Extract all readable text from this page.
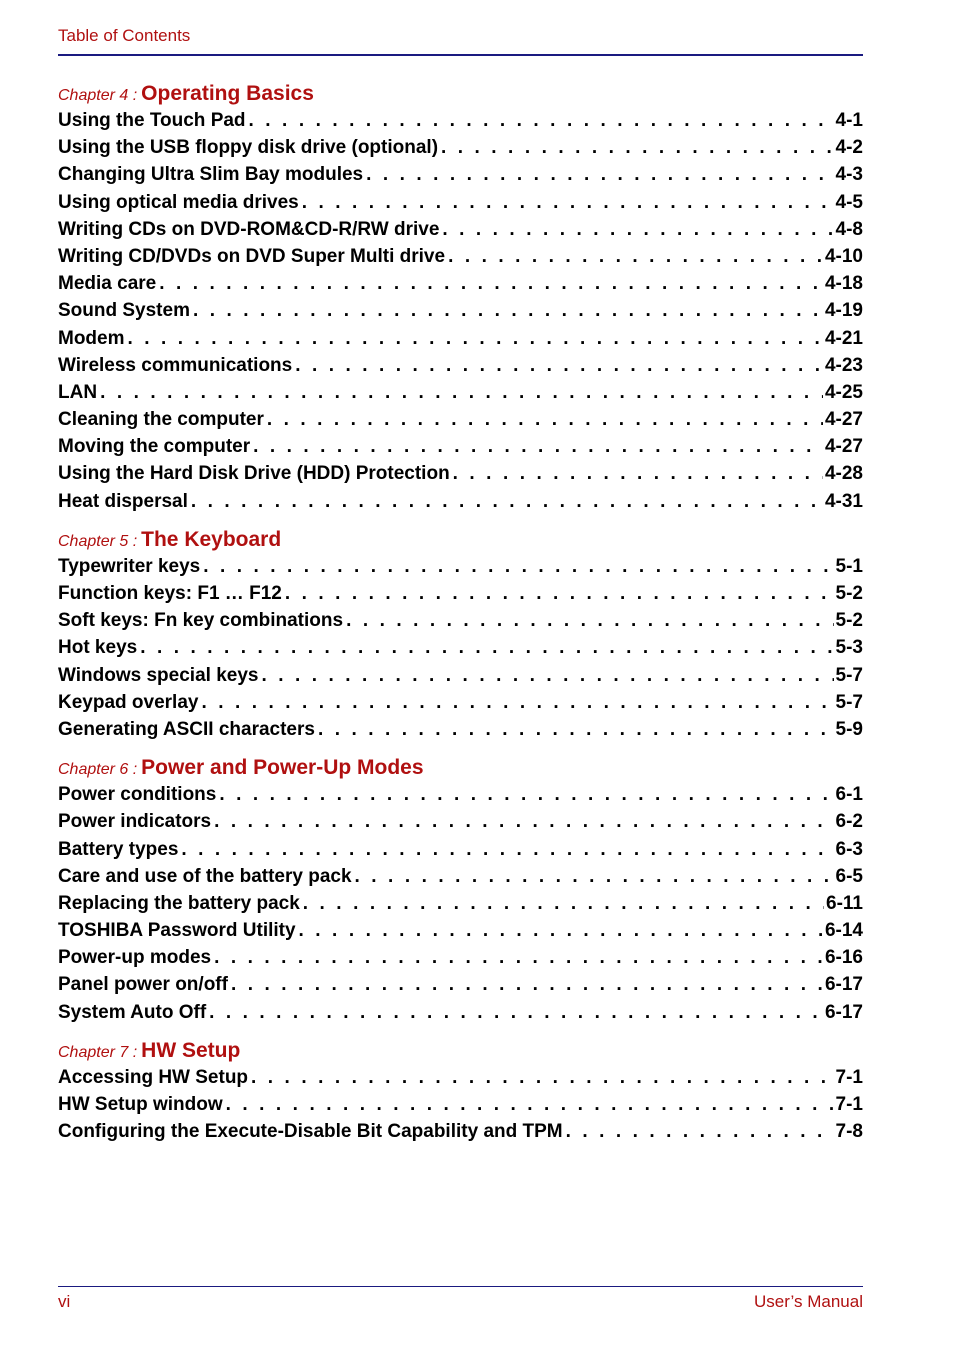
Table of Contents
Chapter 4 : Operating Basics
Using the Touch Pad . . .	4-1
Using the USB floppy disk drive (optional) . . .	4-2
Changing Ultra Slim Bay modules . . .	4-3
Using optical media drives . . .	4-5
Writing CDs on DVD-ROM&CD-R/RW drive . . .	4-8
Writing CD/DVDs on DVD Super Multi drive . . .	4-10
Media care . . .	4-18
Sound System . . .	4-19
Modem . . .	4-21
Wireless communications . . .	4-23
LAN . . .	4-25
Cleaning the computer . . .	4-27
Moving the computer . . .	4-27
Using the Hard Disk Drive (HDD) Protection . . .	4-28
Heat dispersal . . .	4-31
Chapter 5 : The Keyboard
Typewriter keys . . .	5-1
Function keys: F1 … F12 . . .	5-2
Soft keys: Fn key combinations . . .	5-2
Hot keys . . .	5-3
Windows special keys . . .	5-7
Keypad overlay . . .	5-7
Generating ASCII characters . . .	5-9
Chapter 6 : Power and Power-Up Modes
Power conditions . . .	6-1
Power indicators . . .	6-2
Battery types . . .	6-3
Care and use of the battery pack . . .	6-5
Replacing the battery pack . . .	6-11
TOSHIBA Password Utility . . .	6-14
Power-up modes . . .	6-16
Panel power on/off . . .	6-17
System Auto Off . . .	6-17
Chapter 7 : HW Setup
Accessing HW Setup . . .	7-1
HW Setup window . . .	7-1
Configuring the Execute-Disable Bit Capability and TPM . . .	7-8
vi	User’s Manual
